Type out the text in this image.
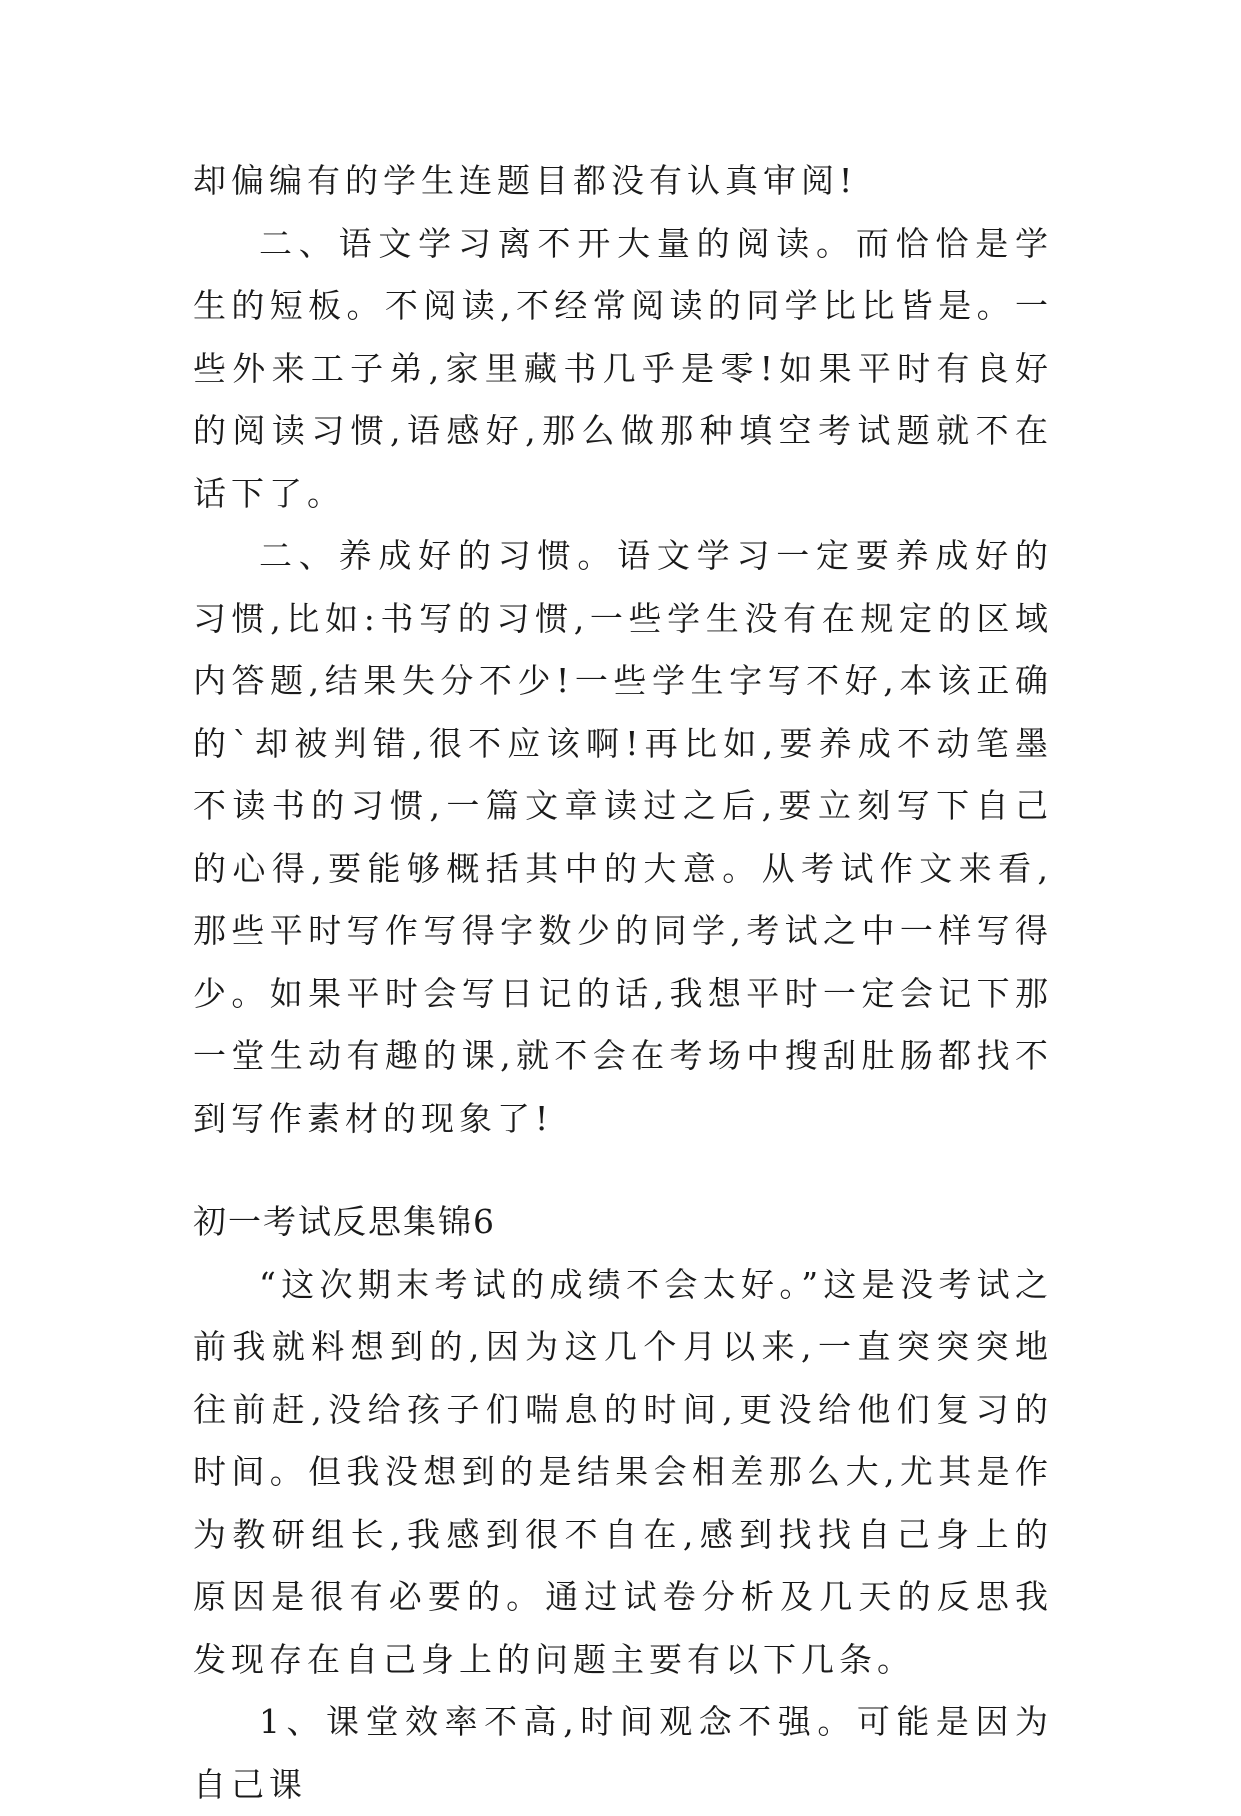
却偏编有的学生连题目都没有认真审阅!

二、语文学习离不开大量的阅读。而恰恰是学生的短板。不阅读,不经常阅读的同学比比皆是。一些外来工子弟,家里藏书几乎是零!如果平时有良好的阅读习惯,语感好,那么做那种填空考试题就不在话下了。

二、养成好的习惯。语文学习一定要养成好的习惯,比如:书写的习惯,一些学生没有在规定的区域内答题,结果失分不少!一些学生字写不好,本该正确的`却被判错,很不应该啊!再比如,要养成不动笔墨不读书的习惯,一篇文章读过之后,要立刻写下自己的心得,要能够概括其中的大意。从考试作文来看,那些平时写作写得字数少的同学,考试之中一样写得少。如果平时会写日记的话,我想平时一定会记下那一堂生动有趣的课,就不会在考场中搜刮肚肠都找不到写作素材的现象了!

初一考试反思集锦6

“这次期末考试的成绩不会太好。”这是没考试之前我就料想到的,因为这几个月以来,一直突突突地往前赶,没给孩子们喘息的时间,更没给他们复习的时间。但我没想到的是结果会相差那么大,尤其是作为教研组长,我感到很不自在,感到找找自己身上的原因是很有必要的。通过试卷分析及几天的反思我发现存在自己身上的问题主要有以下几条。

1、课堂效率不高,时间观念不强。可能是因为自己课
